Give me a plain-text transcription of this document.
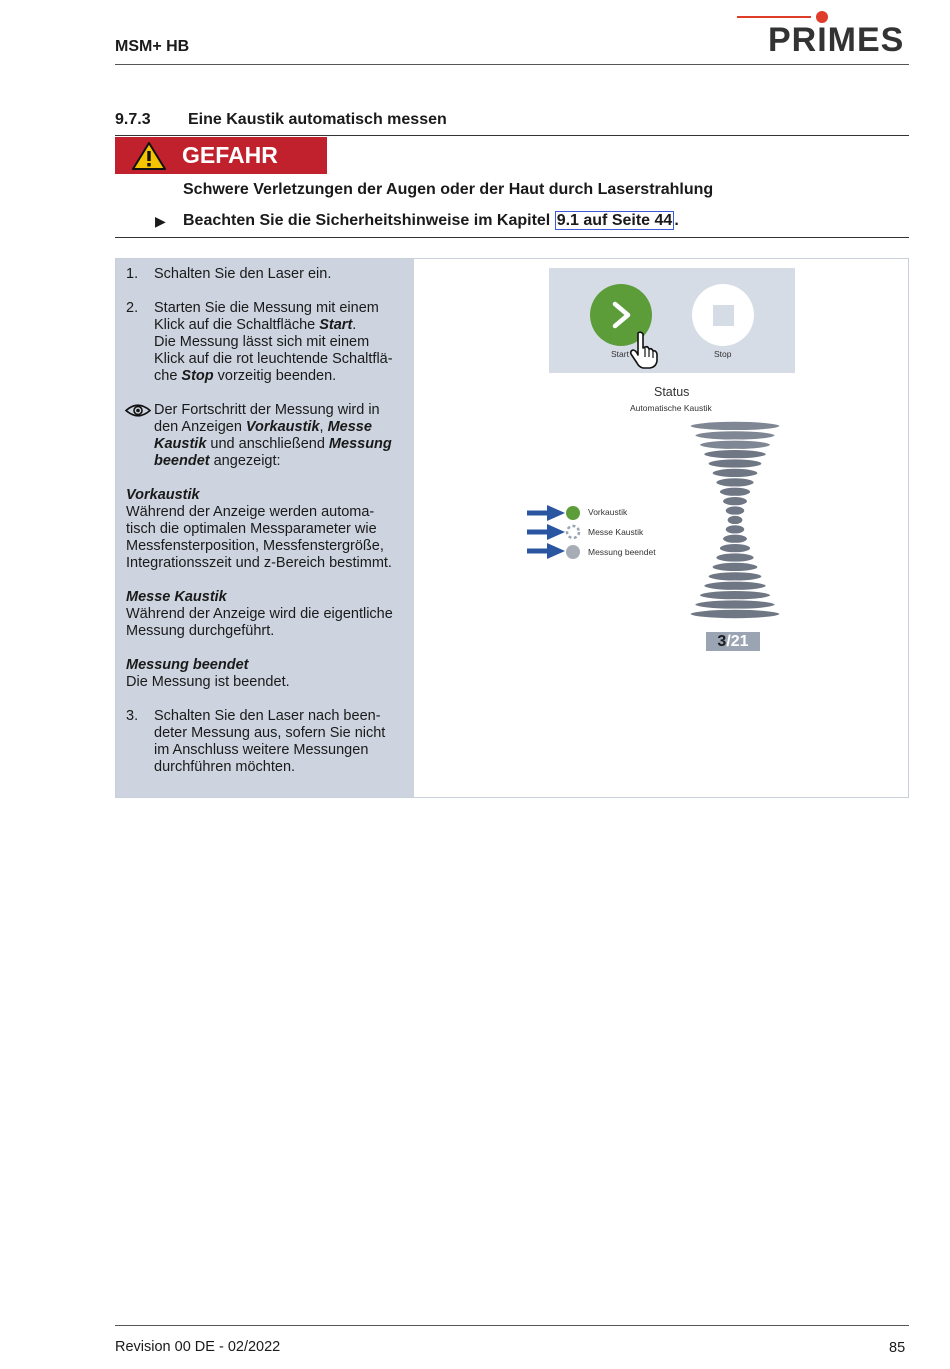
MSM+ HB	PRIMES
9.7.3 Eine Kaustik automatisch messen
GEFAHR
Schwere Verletzungen der Augen oder der Haut durch Laserstrahlung
▶ Beachten Sie die Sicherheitshinweise im Kapitel 9.1 auf Seite 44 .
1. Schalten Sie den Laser ein.
2. Starten Sie die Messung mit einem
Klick auf die Schaltfläche Start.
Die Messung lässt sich mit einem
Klick auf die rot leuchtende Schaltflä-
che Stop vorzeitig beenden.
Der Fortschritt der Messung wird in
den Anzeigen Vorkaustik, Messe
Kaustik und anschließend Messung
beendet angezeigt:
Vorkaustik
Während der Anzeige werden automa-
tisch die optimalen Messparameter wie
Messfensterposition, Messfenstergröße,
Integrationsszeit und z-Bereich bestimmt.
Messe Kaustik
Während der Anzeige wird die eigentliche
Messung durchgeführt.
Messung beendet
Die Messung ist beendet.
3. Schalten Sie den Laser nach been-
deter Messung aus, sofern Sie nicht
im Anschluss weitere Messungen
durchführen möchten.
Start	Stop
Status
Automatische Kaustik
Vorkaustik
Messe Kaustik
Messung beendet
3/21
Revision 00 DE - 02/2022	85
